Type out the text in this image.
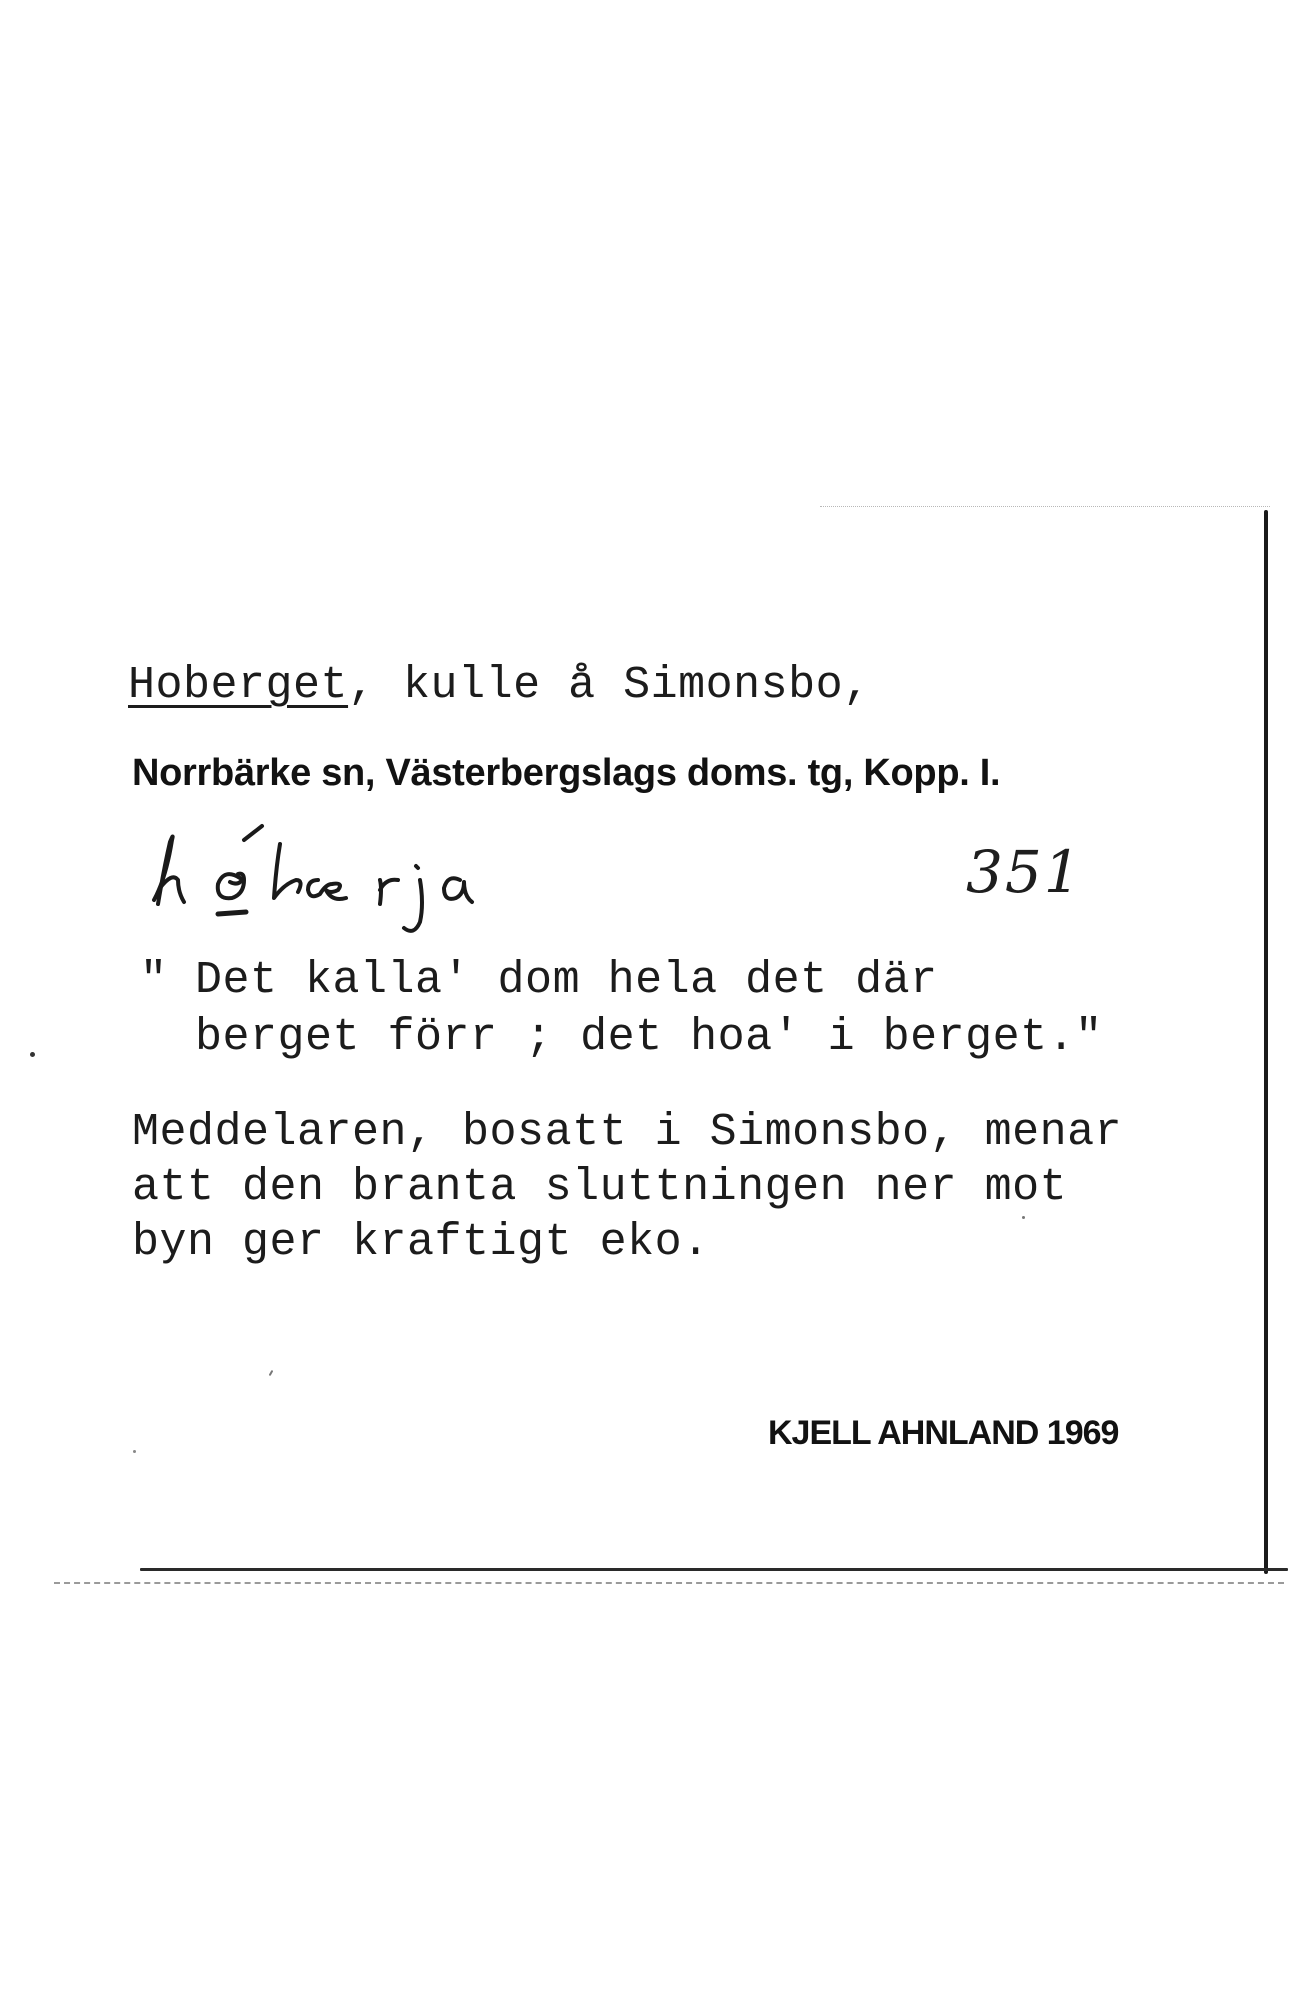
Hoberget, kulle å Simonsbo,
Norrbärke sn, Västerbergslags doms. tg, Kopp. I.
351
" Det kalla' dom hela det där
berget förr ; det hoa' i berget."
Meddelaren, bosatt i Simonsbo, menar
att den branta sluttningen ner mot
byn ger kraftigt eko.
KJELL AHNLAND 1969
